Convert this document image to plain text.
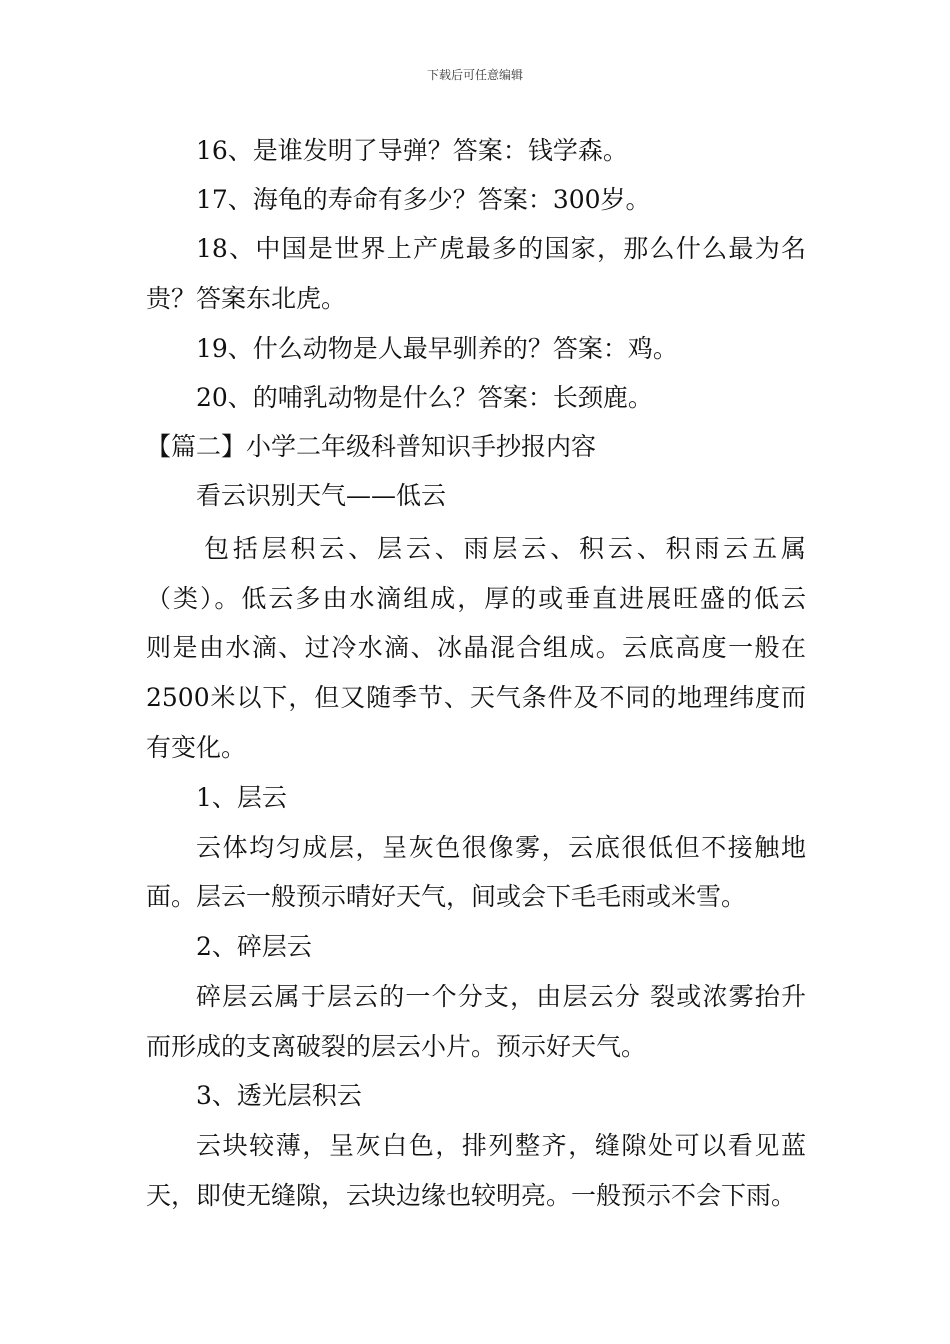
下载后可任意编辑
16、是谁发明了导弹？答案：钱学森。
17、海龟的寿命有多少？答案：300岁。
18、中国是世界上产虎最多的国家，那么什么最为名
贵？答案东北虎。
19、什么动物是人最早驯养的？答案：鸡。
20、的哺乳动物是什么？答案：长颈鹿。
【篇二】小学二年级科普知识手抄报内容
看云识别天气——低云
包括层积云、层云、雨层云、积云、积雨云五属
（类）。低云多由水滴组成，厚的或垂直进展旺盛的低云
则是由水滴、过冷水滴、冰晶混合组成。云底高度一般在
2500米以下，但又随季节、天气条件及不同的地理纬度而
有变化。
1、层云
云体均匀成层，呈灰色很像雾，云底很低但不接触地
面。层云一般预示晴好天气，间或会下毛毛雨或米雪。
2、碎层云
碎层云属于层云的一个分支，由层云分 裂或浓雾抬升
而形成的支离破裂的层云小片。预示好天气。
3、透光层积云
云块较薄，呈灰白色，排列整齐，缝隙处可以看见蓝
天，即使无缝隙，云块边缘也较明亮。一般预示不会下雨。
